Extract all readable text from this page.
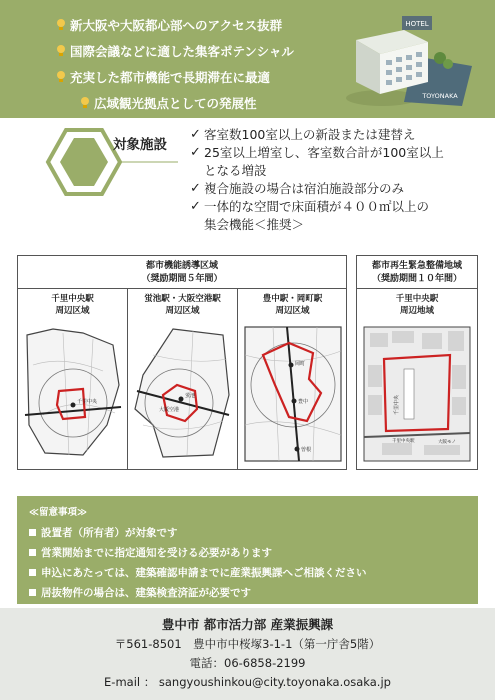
新大阪や大阪都心部へのアクセス抜群
国際会議などに適した集客ポテンシャル
充実した都市機能で長期滞在に最適
広域観光拠点としての発展性
HOTEL
TOYONAKA
対象施設
✓ 客室数100室以上の新設または建替え
✓ 25室以上増室し、客室数合計が100室以上
となる増設
✓ 複合施設の場合は宿泊施設部分のみ
✓ 一体的な空間で床面積が４００㎡以上の
集会機能＜推奨＞
都市機能誘導区域
（奨励期間５年間）
千里中央駅
周辺区域
千里中央
蛍池駅・大阪空港駅
周辺区域
蛍池
大阪空港
豊中駅・岡町駅
周辺区域
岡町
豊中
曽根
都市再生緊急整備地域
（奨励期間１０年間）
千里中央駅
周辺地域
千里中央
千里中央駅	大阪モノ
≪留意事項≫
設置者（所有者）が対象です
営業開始までに指定通知を受ける必要があります
申込にあたっては、建築確認申請までに産業振興課へご相談ください
居抜物件の場合は、建築検査済証が必要です
豊中市 都市活力部 産業振興課
〒561-8501　豊中市中桜塚3-1-1（第一庁舎5階）
電話：06-6858-2199
E-mail ： sangyoushinkou@city.toyonaka.osaka.jp
